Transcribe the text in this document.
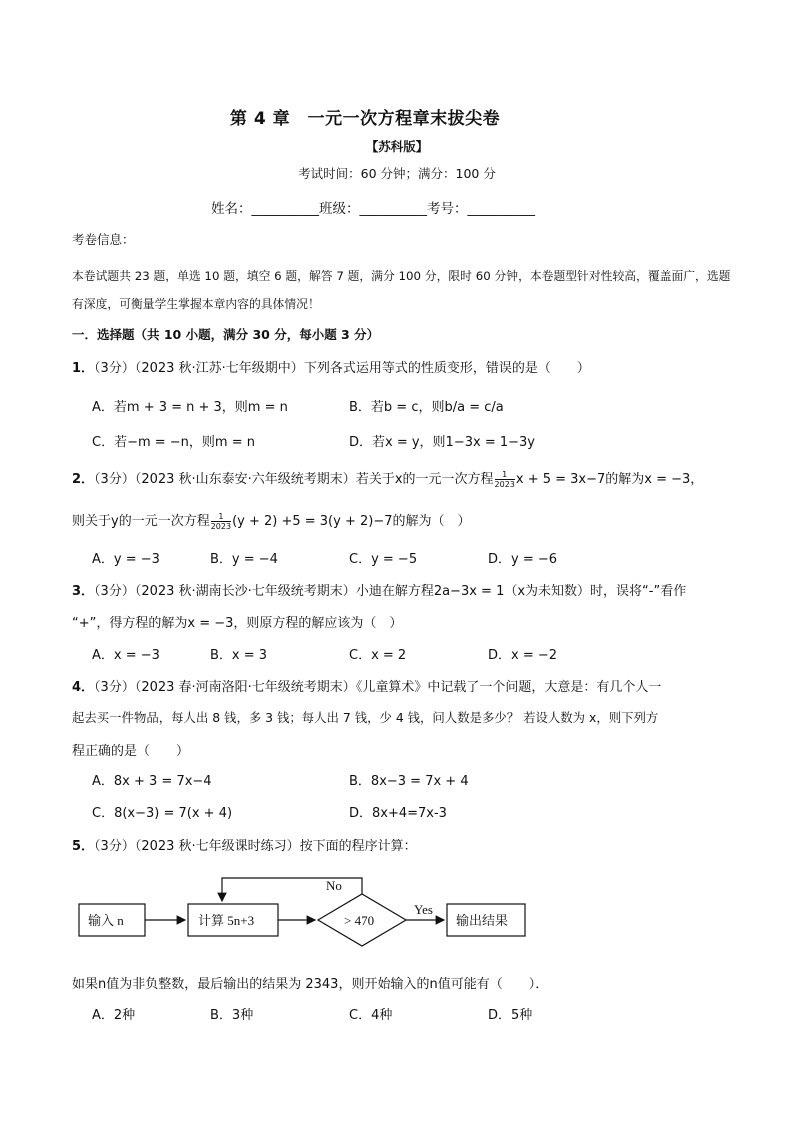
第 4 章　一元一次方程章末拔尖卷
【苏科版】
考试时间：60 分钟；满分：100 分
姓名：__________班级：__________考号：__________
考卷信息：
本卷试题共 23 题，单选 10 题，填空 6 题，解答 7 题，满分 100 分，限时 60 分钟，本卷题型针对性较高，覆盖面广，选题有深度，可衡量学生掌握本章内容的具体情况！
一．选择题（共 10 小题，满分 30 分，每小题 3 分）
1．（3分）（2023 秋·江苏·七年级期中）下列各式运用等式的性质变形，错误的是（　　）
A．若m + 3 = n + 3，则m = n	B．若b = c，则b/a = c/a
C．若−m = −n，则m = n	D．若x = y，则1−3x = 1−3y
2．（3分）（2023 秋·山东泰安·六年级统考期末）若关于x的一元一次方程 $\frac{1}{2023}$ x + 5 = 3x−7的解为x = −3，
则关于y的一元一次方程 $\frac{1}{2023} (y + 2) +5 = 3(y + 2)-7$的解为（　）
A．y = −3	B．y = −4	C．y = −5	D．y = −6
3．（3分）（2023 秋·湖南长沙·七年级统考期末）小迪在解方程2a−3x = 1（x为未知数）时，误将“-”看作
“+”，得方程的解为x = −3，则原方程的解应该为（　）
A．x = −3	B．x = 3	C．x = 2	D．x = −2
4．（3分）（2023 春·河南洛阳·七年级统考期末）《儿童算术》中记载了一个问题，大意是：有几个人一
起去买一件物品，每人出 8 钱，多 3 钱；每人出 7 钱，少 4 钱，问人数是多少？ 若设人数为 x，则下列方
程正确的是（　　）
A．8x + 3 = 7x−4	B．8x−3 = 7x + 4
C．8(x−3) = 7(x + 4)	D．8x+4=7x-3
5．（3分）（2023 秋·七年级课时练习）按下面的程序计算：
输入 n	计算 5n+3	> 470
No
Yes
输出结果
如果n值为非负整数，最后输出的结果为 2343，则开始输入的n值可能有（　　）．
A．2种	B．3种	C．4种	D．5种
